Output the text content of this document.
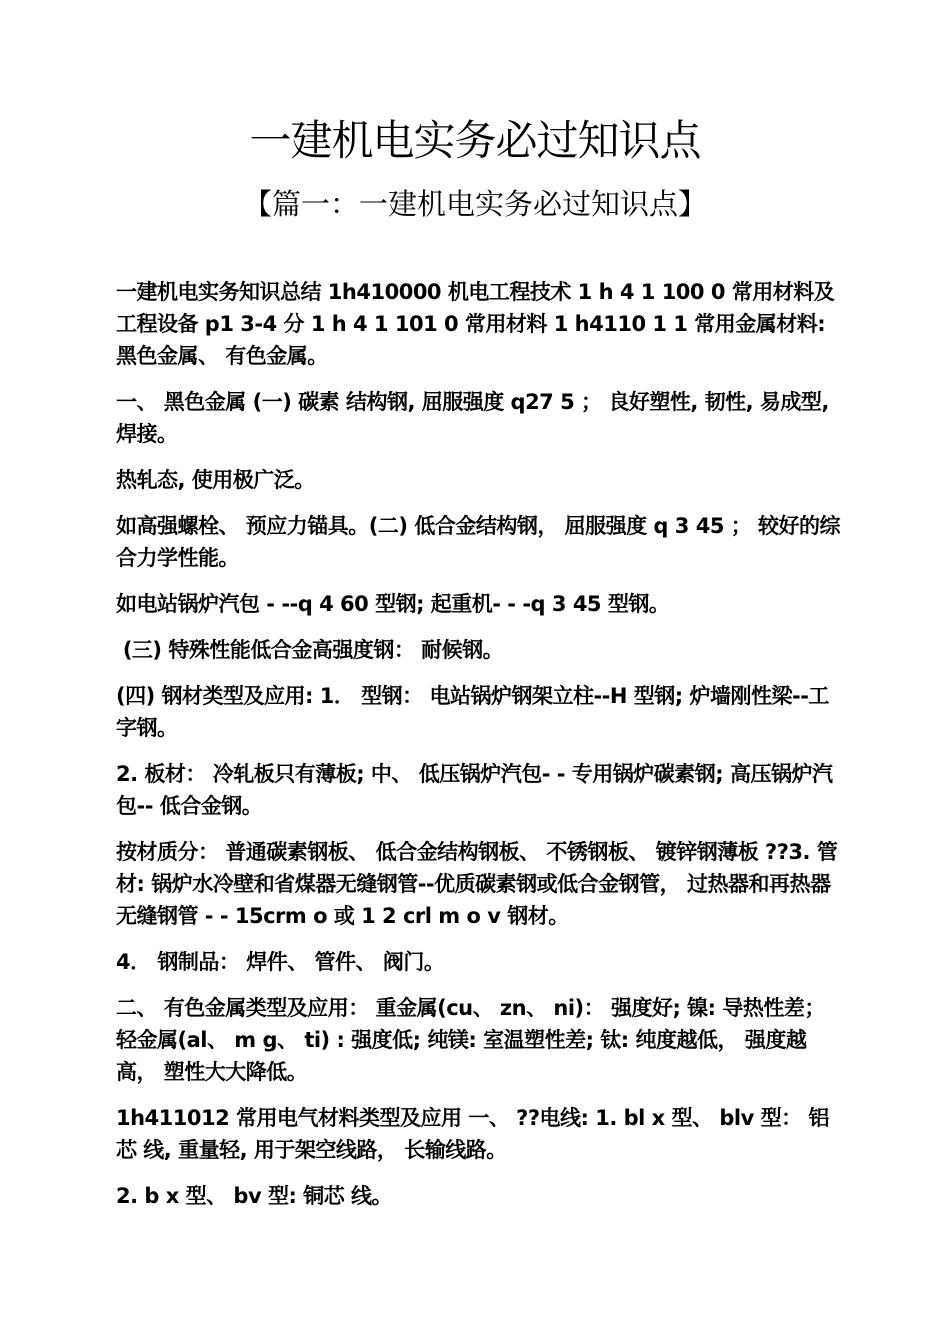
一建机电实务必过知识点
【篇一：一建机电实务必过知识点】

一建机电实务知识总结 1h410000 机电工程技术 1 h 4 1 100 0 常用材料及工程设备 p1 3-4 分 1 h 4 1 101 0 常用材料 1 h4110 1 1 常用金属材料: 黑色金属、 有色金属。

一、 黑色金属 (一) 碳素 结构钢, 屈服强度 q27 5 ； 良好塑性, 韧性, 易成型, 焊接。

热轧态, 使用极广泛。

如高强螺栓、 预应力锚具。(二) 低合金结构钢， 屈服强度 q 3 45 ； 较好的综合力学性能。

如电站锅炉汽包 - --q 4 60 型钢; 起重机- - -q 3 45 型钢。

(三) 特殊性能低合金高强度钢： 耐候钢。

(四) 钢材类型及应用: 1． 型钢： 电站锅炉钢架立柱--H 型钢; 炉墙刚性梁--工字钢。

2. 板材： 冷轧板只有薄板; 中、 低压锅炉汽包- - 专用锅炉碳素钢; 高压锅炉汽包-- 低合金钢。

按材质分： 普通碳素钢板、 低合金结构钢板、 不锈钢板、 镀锌钢薄板 ??3. 管材: 锅炉水冷壁和省煤器无缝钢管--优质碳素钢或低合金钢管， 过热器和再热器无缝钢管 - - 15crm o 或 1 2 crl m o v 钢材。

4． 钢制品： 焊件、 管件、 阀门。

二、 有色金属类型及应用： 重金属(cu、 zn、 ni)： 强度好; 镍: 导热性差； 轻金属(al、 m g、 ti) : 强度低; 纯镁: 室温塑性差; 钛: 纯度越低， 强度越高， 塑性大大降低。

1h411012 常用电气材料类型及应用 一、 ??电线: 1. bl x 型、 blv 型： 铝芯 线, 重量轻, 用于架空线路， 长输线路。

2. b x 型、 bv 型: 铜芯 线。
